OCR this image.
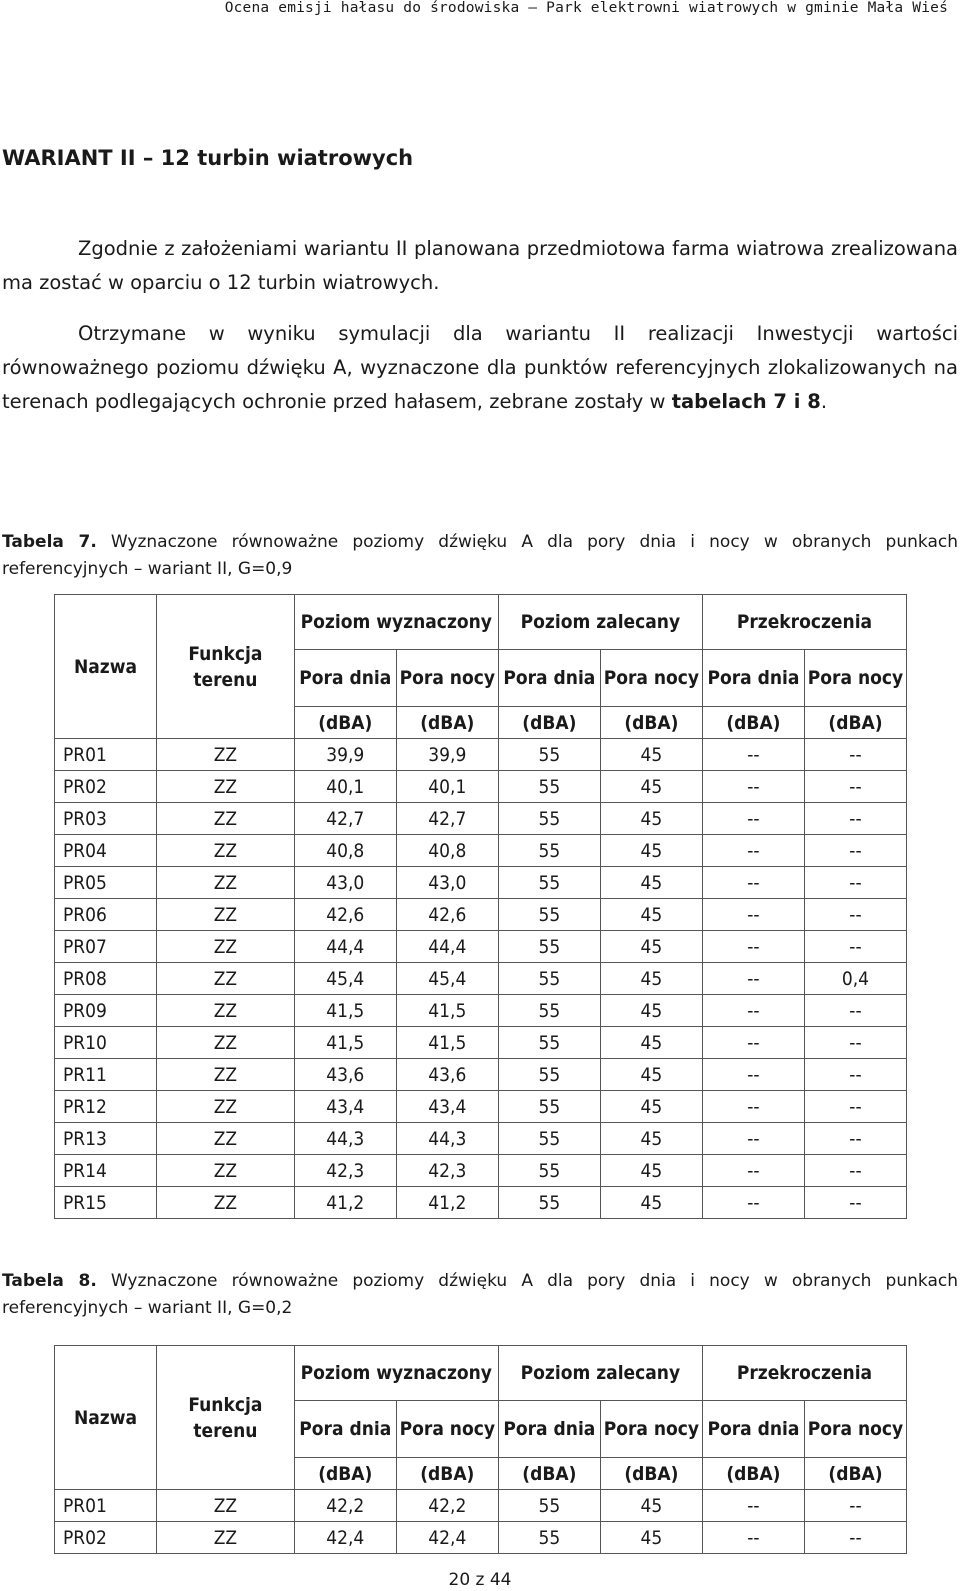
Ocena emisji hałasu do środowiska – Park elektrowni wiatrowych w gminie Mała Wieś
WARIANT II – 12 turbin wiatrowych
Zgodnie z założeniami wariantu II planowana przedmiotowa farma wiatrowa zrealizowana ma zostać w oparciu o 12 turbin wiatrowych.
Otrzymane w wyniku symulacji dla wariantu II realizacji Inwestycji wartości równoważnego poziomu dźwięku A, wyznaczone dla punktów referencyjnych zlokalizowanych na terenach podlegających ochronie przed hałasem, zebrane zostały w tabelach 7 i 8.
Tabela 7. Wyznaczone równoważne poziomy dźwięku A dla pory dnia i nocy w obranych punkach referencyjnych – wariant II, G=0,9
Nazwa	Funkcja terenu	Poziom wyznaczony		Poziom zalecany		Przekroczenia	
		Pora dnia	Pora nocy	Pora dnia	Pora nocy	Pora dnia	Pora nocy
		(dBA)	(dBA)	(dBA)	(dBA)	(dBA)	(dBA)
PR01	ZZ	39,9	39,9	55	45	--	--
PR02	ZZ	40,1	40,1	55	45	--	--
PR03	ZZ	42,7	42,7	55	45	--	--
PR04	ZZ	40,8	40,8	55	45	--	--
PR05	ZZ	43,0	43,0	55	45	--	--
PR06	ZZ	42,6	42,6	55	45	--	--
PR07	ZZ	44,4	44,4	55	45	--	--
PR08	ZZ	45,4	45,4	55	45	--	0,4
PR09	ZZ	41,5	41,5	55	45	--	--
PR10	ZZ	41,5	41,5	55	45	--	--
PR11	ZZ	43,6	43,6	55	45	--	--
PR12	ZZ	43,4	43,4	55	45	--	--
PR13	ZZ	44,3	44,3	55	45	--	--
PR14	ZZ	42,3	42,3	55	45	--	--
PR15	ZZ	41,2	41,2	55	45	--	--
Tabela 8. Wyznaczone równoważne poziomy dźwięku A dla pory dnia i nocy w obranych punkach referencyjnych – wariant II, G=0,2
Nazwa	Funkcja terenu	Poziom wyznaczony		Poziom zalecany		Przekroczenia	
		Pora dnia	Pora nocy	Pora dnia	Pora nocy	Pora dnia	Pora nocy
		(dBA)	(dBA)	(dBA)	(dBA)	(dBA)	(dBA)
PR01	ZZ	42,2	42,2	55	45	--	--
PR02	ZZ	42,4	42,4	55	45	--	--
20 z 44
